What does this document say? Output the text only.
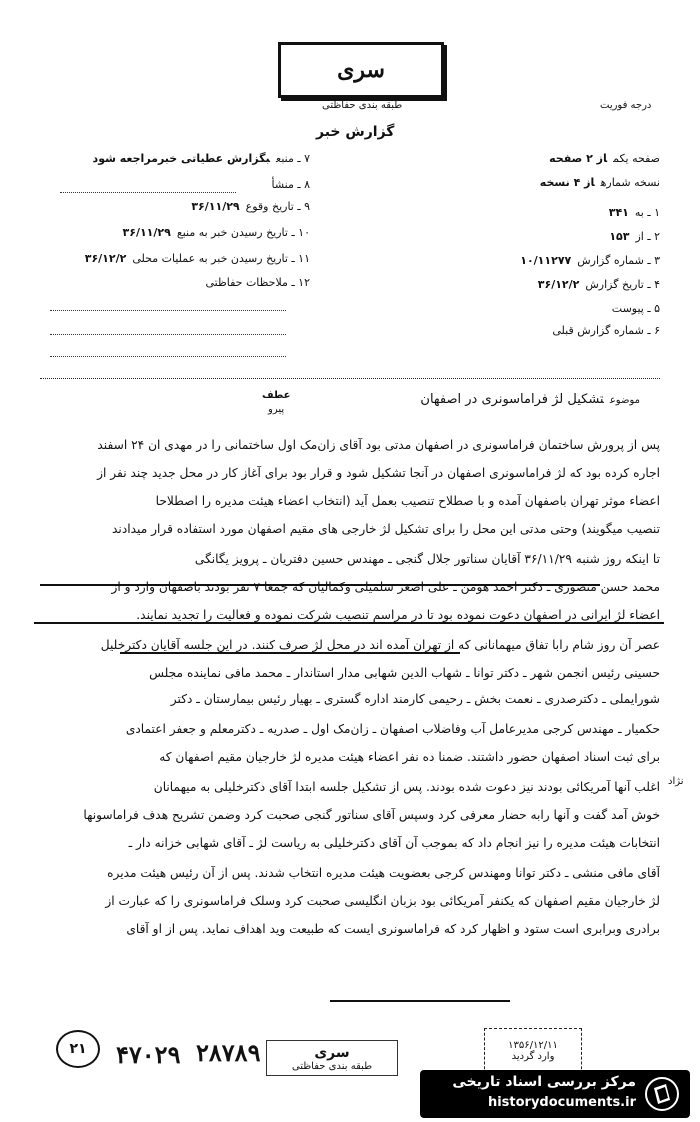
سری
طبقه بندی حفاظتی
گزارش خبر
درجه فوریت
۷ ـ منبعبگزارش عطیاتی خبرمراجعه شود
۸ ـ منشأ
۹ ـ تاریخ وقوع۳۶/۱۱/۲۹
۱۰ ـ تاریخ رسیدن خبر به منبع۳۶/۱۱/۲۹
۱۱ ـ تاریخ رسیدن خبر به عملیات محلی۳۶/۱۲/۲
۱۲ ـ ملاحظات حفاظتی
صفحه یکماز ۲ صفحه
نسخه شمارهاز ۴ نسخه
۱ ـ به۳۴۱
۲ ـ از۱۵۳
۳ ـ شماره گزارش۱۰/۱۱۲۷۷
۴ ـ تاریخ گزارش۳۶/۱۲/۲
۵ ـ پیوست
۶ ـ شماره گزارش قبلی
عطف
پیرو
نژاد
موضوعتشکیل لژ فراماسونری در اصفهان
پس از پرورش ساختمان فراماسونری در اصفهان مدتی بود آقای زان‌مک اول ساختمانی را در مهدی ان ۲۴ اسفند
اجاره کرده بود که لژ فراماسونری اصفهان در آنجا تشکیل شود و قرار بود برای آغاز کار در محل جدید چند نفر از
اعضاء موثر تهران باصفهان آمده و با صطلاح تنصیب بعمل آید (انتخاب اعضاء هیئت مدیره را اصطلاحا
تنصیب میگویند) وحتی مدتی این محل را برای تشکیل لژ خارجی های مقیم اصفهان مورد استفاده قرار میدادند
تا اینکه روز شنبه ۳۶/۱۱/۲۹ آقایان سناتور جلال گنجی ـ مهندس حسین دفتریان ـ پرویز یگانگی
محمد حسن منصوری ـ دکتر احمد هومن ـ علی اصغر سلمیلی وکمالیان که جمعا ۷ نفر بودند باصفهان وارد و از
اعضاء لژ ایرانی در اصفهان دعوت نموده بود تا در مراسم تنصیب شرکت نموده و فعالیت را تجدید نمایند.
عصر آن روز شام رابا تفاق میهمانانی که از تهران آمده اند در محل لژ صرف کنند. در این جلسه آقایان دکترخلیل
حسینی رئیس انجمن شهر ـ دکتر توانا ـ شهاب الدین شهابی مدار استاندار ـ محمد مافی نماینده مجلس
شورایملی ـ دکترصدری ـ نعمت بخش ـ رحیمی کارمند اداره گستری ـ بهیار رئیس بیمارستان ـ دکتر
حکمیار ـ مهندس کرجی مدیرعامل آب وفاضلاب اصفهان ـ زان‌مک اول ـ صدریه ـ دکترمعلم و جعفر اعتمادی
برای ثبت اسناد اصفهان حضور داشتند. ضمنا ده نفر اعضاء هیئت مدیره لژ خارجیان مقیم اصفهان که
اغلب آنها آمریکائی بودند نیز دعوت شده بودند. پس از تشکیل جلسه ابتدا آقای دکترخلیلی به میهمانان
خوش آمد گفت و آنها رابه حضار معرفی کرد وسپس آقای سناتور گنجی صحبت کرد وضمن تشریح هدف فراماسونها
انتخابات هیئت مدیره را نیز انجام داد که بموجب آن آقای دکترخلیلی به ریاست لژ ـ آقای شهابی خزانه دار ـ
آقای مافی منشی ـ دکتر توانا ومهندس کرجی بعضویت هیئت مدیره انتخاب شدند. پس از آن رئیس هیئت مدیره
لژ خارجیان مقیم اصفهان که یکنفر آمریکائی بود بزبان انگلیسی صحبت کرد وسلک فراماسونری را که عبارت از
برادری وبرابری است ستود و اظهار کرد که فراماسونری ایست که طبیعت وید اهداف نماید. پس از او آقای
۲۱	۴۷۰۲۹ ۲۸۷۸۹	سری
طبقه بندی حفاظتی
۱۳۵۶/۱۲/۱۱
وارد گردید
مرکز بررسی اسناد تاریخی
historydocuments.ir
